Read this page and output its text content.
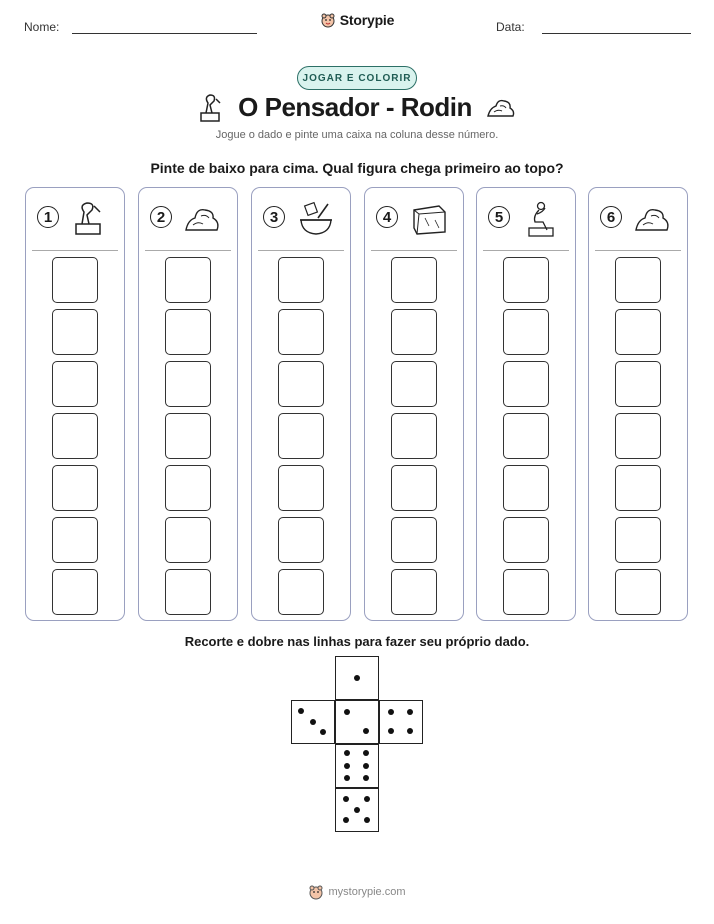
Nome:	Storypie	Data:
JOGAR E COLORIR
O Pensador - Rodin
Jogue o dado e pinte uma caixa na coluna desse número.
Pinte de baixo para cima. Qual figura chega primeiro ao topo?
1	2	3	4	5	6
Recorte e dobre nas linhas para fazer seu próprio dado.
mystorypie.com
